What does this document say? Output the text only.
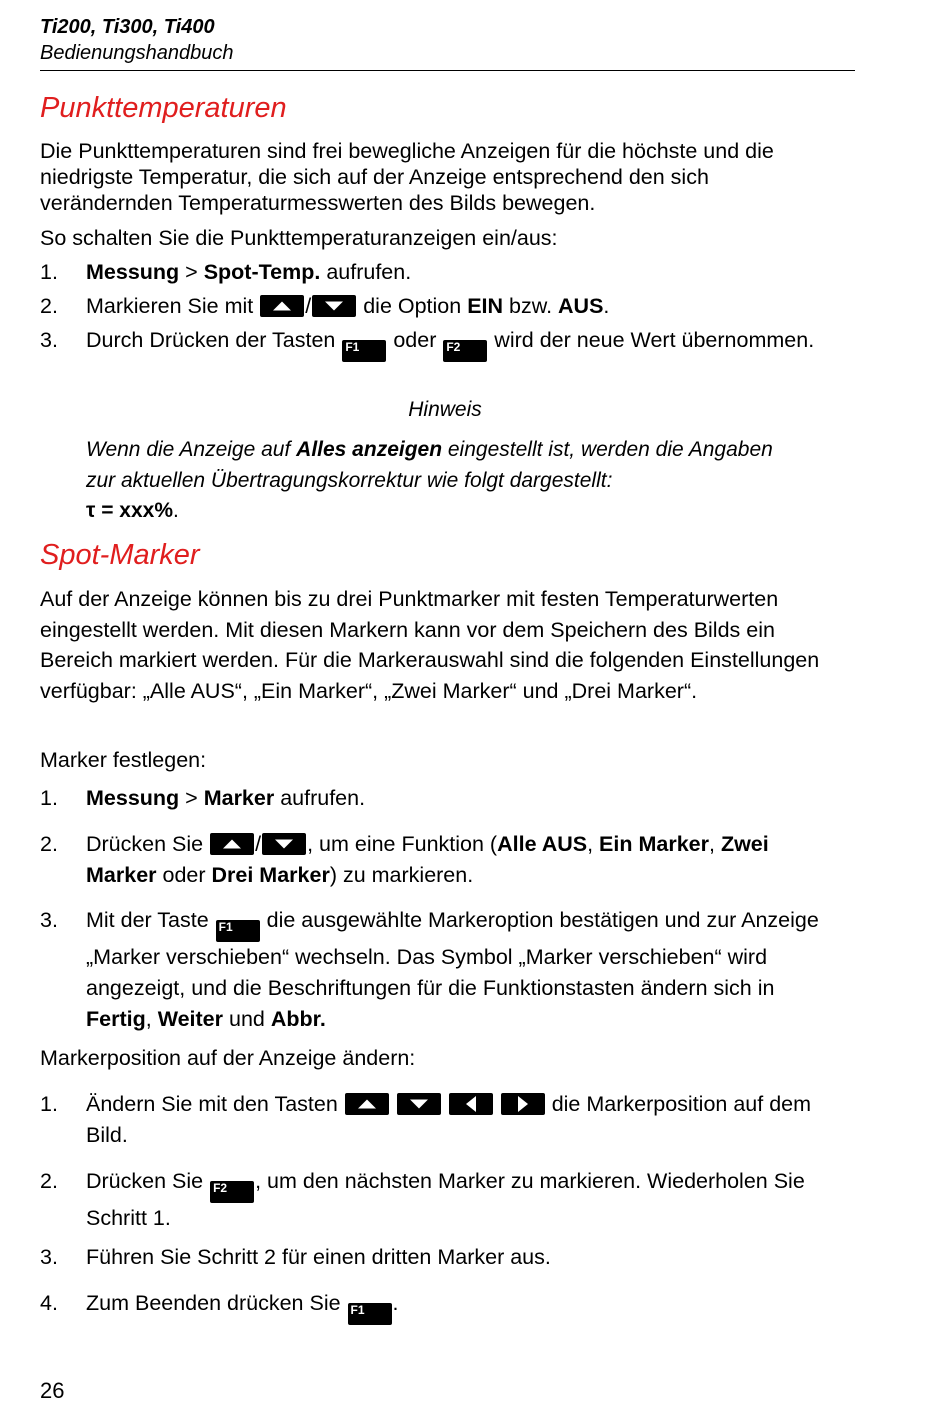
Ti200, Ti300, Ti400
Bedienungshandbuch
Punkttemperaturen
Die Punkttemperaturen sind frei bewegliche Anzeigen für die höchste und die niedrigste Temperatur, die sich auf der Anzeige entsprechend den sich verändernden Temperaturmesswerten des Bilds bewegen.
So schalten Sie die Punkttemperaturanzeigen ein/aus:
1.	Messung > Spot-Temp. aufrufen.
2.	Markieren Sie mit / die Option EIN bzw. AUS.
3.	Durch Drücken der Tasten F1 oder F2 wird der neue Wert übernommen.
Hinweis
Wenn die Anzeige auf Alles anzeigen eingestellt ist, werden die Angaben zur aktuellen Übertragungskorrektur wie folgt dargestellt:
τ = xxx%.
Spot-Marker
Auf der Anzeige können bis zu drei Punktmarker mit festen Temperaturwerten eingestellt werden. Mit diesen Markern kann vor dem Speichern des Bilds ein Bereich markiert werden. Für die Markerauswahl sind die folgenden Einstellungen verfügbar: „Alle AUS“, „Ein Marker“, „Zwei Marker“ und „Drei Marker“.
Marker festlegen:
1.	Messung > Marker aufrufen.
2.	Drücken Sie / , um eine Funktion (Alle AUS, Ein Marker, Zwei Marker oder Drei Marker) zu markieren.
3.	Mit der Taste F1 die ausgewählte Markeroption bestätigen und zur Anzeige „Marker verschieben“ wechseln. Das Symbol „Marker verschieben“ wird angezeigt, und die Beschriftungen für die Funktionstasten ändern sich in Fertig, Weiter und Abbr.
Markerposition auf der Anzeige ändern:
1.	Ändern Sie mit den Tasten	die Markerposition auf dem Bild.
2.	Drücken Sie F2 , um den nächsten Marker zu markieren. Wiederholen Sie Schritt 1.
3.	Führen Sie Schritt 2 für einen dritten Marker aus.
4.	Zum Beenden drücken Sie F1 .
26
